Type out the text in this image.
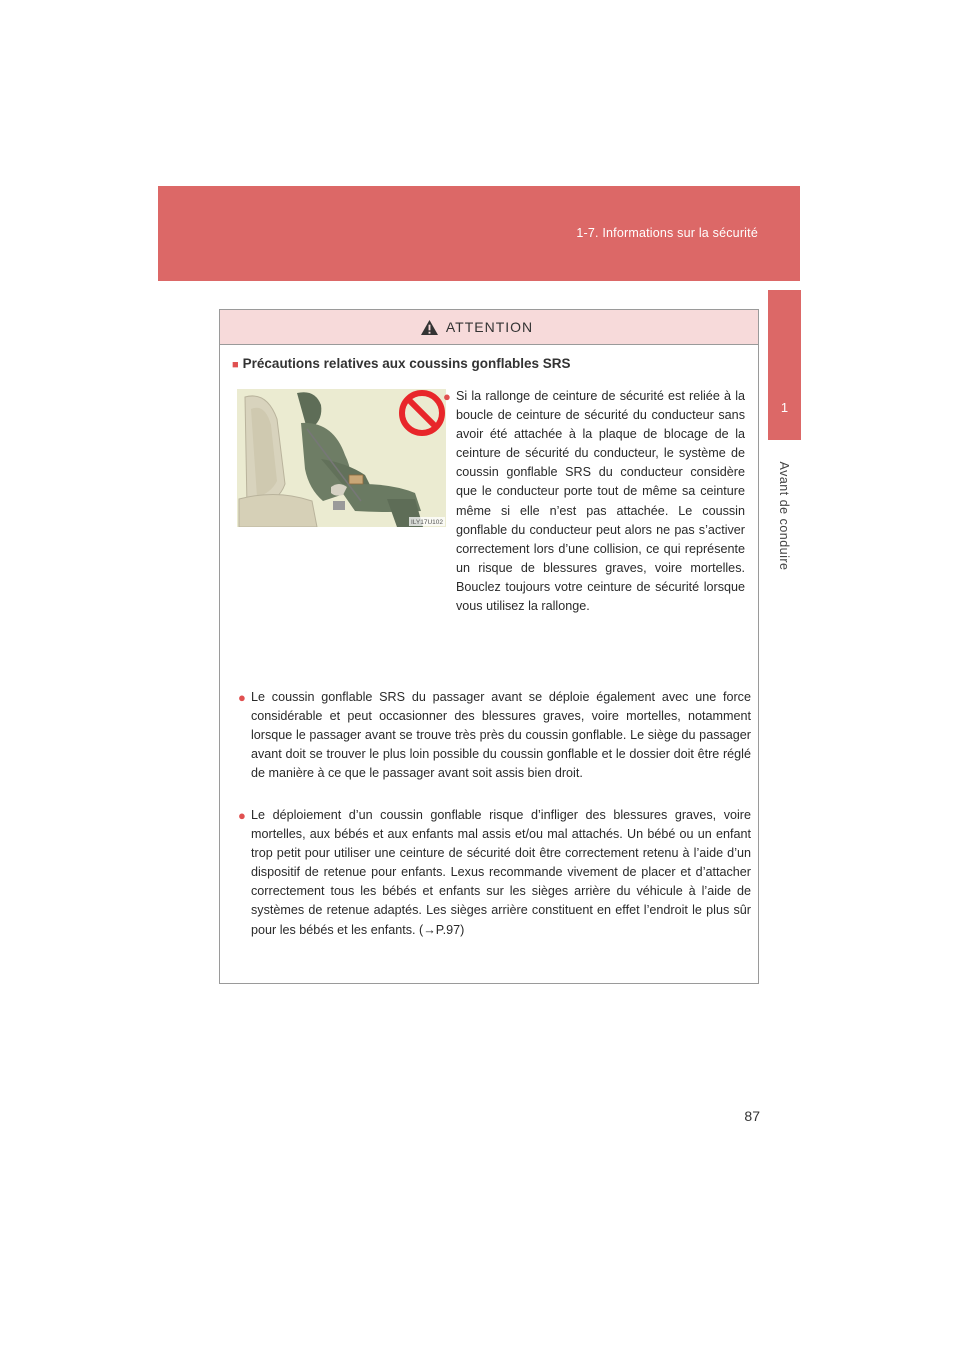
1-7. Informations sur la sécurité
1
Avant de conduire
ATTENTION
■ Précautions relatives aux coussins gonflables SRS
ILY17U102
● Si la rallonge de ceinture de sécurité est reliée à la boucle de ceinture de sécurité du conducteur sans avoir été attachée à la plaque de blocage de la ceinture de sécurité du conducteur, le système de coussin gonflable SRS du conducteur considère que le conducteur porte tout de même sa ceinture même si elle n’est pas attachée. Le coussin gonflable du conducteur peut alors ne pas s’activer correctement lors d’une collision, ce qui représente un risque de blessures graves, voire mortelles. Bouclez toujours votre ceinture de sécurité lorsque vous utilisez la rallonge.
● Le coussin gonflable SRS du passager avant se déploie également avec une force considérable et peut occasionner des blessures graves, voire mortelles, notamment lorsque le passager avant se trouve très près du coussin gonflable. Le siège du passager avant doit se trouver le plus loin possible du coussin gonflable et le dossier doit être réglé de manière à ce que le passager avant soit assis bien droit.
● Le déploiement d’un coussin gonflable risque d’infliger des blessures graves, voire mortelles, aux bébés et aux enfants mal assis et/ou mal attachés. Un bébé ou un enfant trop petit pour utiliser une ceinture de sécurité doit être correctement retenu à l’aide d’un dispositif de retenue pour enfants. Lexus recommande vivement de placer et d’attacher correctement tous les bébés et enfants sur les sièges arrière du véhicule à l’aide de systèmes de retenue adaptés. Les sièges arrière constituent en effet l’endroit le plus sûr pour les bébés et les enfants. (→P.97)
87
